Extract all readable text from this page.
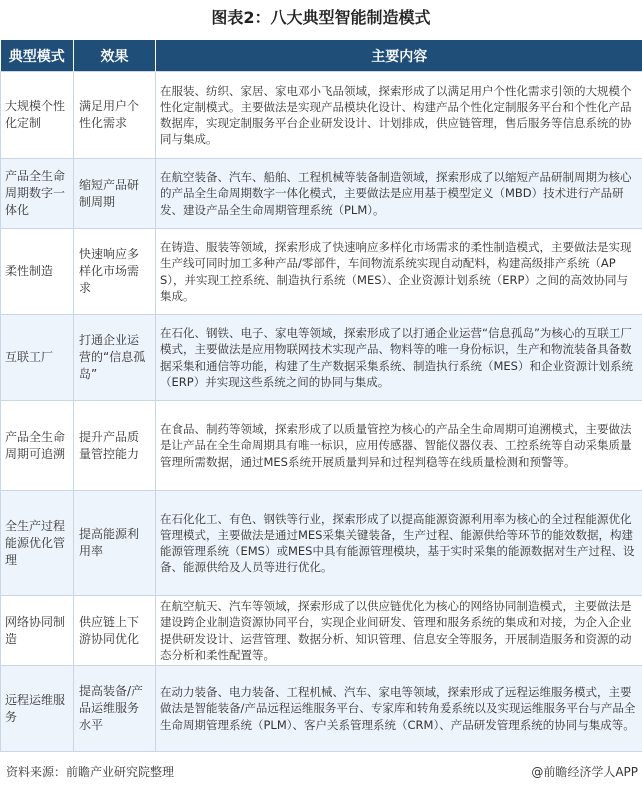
图表2：八大典型智能制造模式
典型模式	效果	主要内容
大规模个性化定制	满足用户个性化需求	在服装、纺织、家居、家电邓小飞品领域，探索形成了以满足用户个性化需求引领的大规模个性化定制模式。主要做法是实现产品模块化设计、构建产品个性化定制服务平台和个性化产品数据库，实现定制服务平台企业研发设计、计划排成，供应链管理，售后服务等信息系统的协同与集成。
产品全生命周期数字一体化	缩短产品研制周期	在航空装备、汽车、船舶、工程机械等装备制造领域，探索形成了以缩短产品研制周期为核心的产品全生命周期数字一体化模式，主要做法是应用基于模型定义（MBD）技术进行产品研发、建设产品全生命周期管理系统（PLM）。
柔性制造	快速响应多样化市场需求	在铸造、服装等领域，探索形成了快速响应多样化市场需求的柔性制造模式，主要做法是实现生产线可同时加工多种产品/零部件，车间物流系统实现自动配料，构建高级排产系统（APS），并实现工控系统、制造执行系统（MES）、企业资源计划系统（ERP）之间的高效协同与集成。
互联工厂	打通企业运营的“信息孤岛”	在石化、钢铁、电子、家电等领域，探索形成了以打通企业运营“信息孤岛”为核心的互联工厂模式，主要做法是应用物联网技术实现产品、物料等的唯一身份标识，生产和物流装备具备数据采集和通信等功能，构建了生产数据采集系统、制造执行系统（MES）和企业资源计划系统（ERP）并实现这些系统之间的协同与集成。
产品全生命周期可追溯	提升产品质量管控能力	在食品、制药等领域，探索形成了以质量管控为核心的产品全生命周期可追溯模式，主要做法是让产品在全生命周期具有唯一标识，应用传感器、智能仪器仪表、工控系统等自动采集质量管理所需数据，通过MES系统开展质量判异和过程判稳等在线质量检测和预警等。
全生产过程能源优化管理	提高能源利用率	在石化化工、有色、钢铁等行业，探索形成了以提高能源资源利用率为核心的全过程能源优化管理模式，主要做法是通过MES采集关键装备，生产过程、能源供给等环节的能效数据，构建能源管理系统（EMS）或MES中具有能源管理模块，基于实时采集的能源数据对生产过程、设备、能源供给及人员等进行优化。
网络协同制造	供应链上下游协同优化	在航空航天、汽车等领域，探索形成了以供应链优化为核心的网络协同制造模式，主要做法是建设跨企业制造资源协同平台，实现企业间研发、管理和服务系统的集成和对接，为企入企业提供研发设计、运营管理、数据分析、知识管理、信息安全等服务，开展制造服务和资源的动态分析和柔性配置等。
远程运维服务	提高装备/产品运维服务水平	在动力装备、电力装备、工程机械、汽车、家电等领域，探索形成了远程运维服务模式，主要做法是智能装备/产品远程运维服务平台、专家库和转角爰系统以及实现运维服务平台与产品全生命周期管理系统（PLM）、客户关系管理系统（CRM）、产品研发管理系统的协同与集成等。
资料来源：前瞻产业研究院整理	@前瞻经济学人APP
